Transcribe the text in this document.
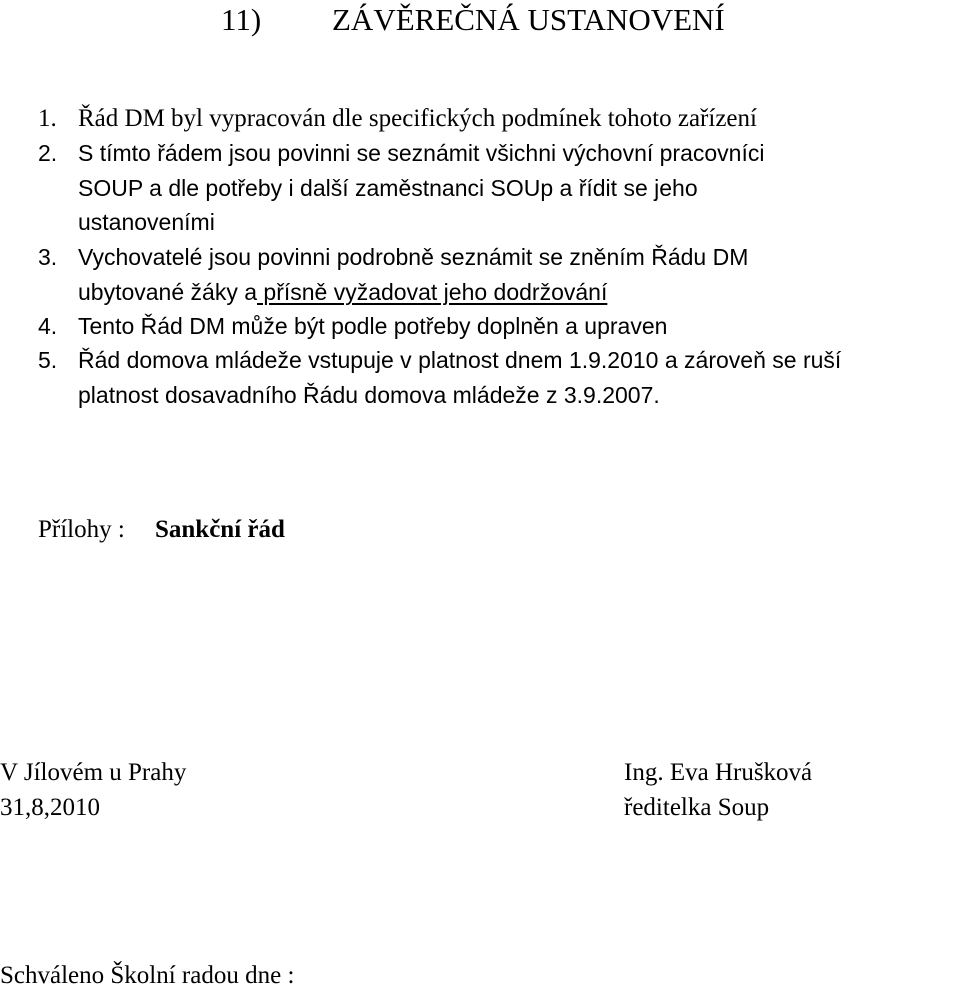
11) ZÁVĚREČNÁ USTANOVENÍ
1. Řád DM byl vypracován dle specifických podmínek tohoto zařízení
2. S tímto řádem jsou povinni se seznámit všichni výchovní pracovníci
SOUP a dle potřeby i další zaměstnanci SOUp a řídit se jeho
ustanoveními
3. Vychovatelé jsou povinni podrobně seznámit se zněním Řádu DM
ubytované žáky a přísně vyžadovat jeho dodržování
4. Tento Řád DM může být podle potřeby doplněn a upraven
5. Řád domova mládeže vstupuje v platnost dnem 1.9.2010 a zároveň se ruší
platnost dosavadního Řádu domova mládeže z 3.9.2007.
Přílohy : Sankční řád
V Jílovém u Prahy
31,8,2010
Ing. Eva Hrušková
ředitelka Soup
Schváleno Školní radou dne :
